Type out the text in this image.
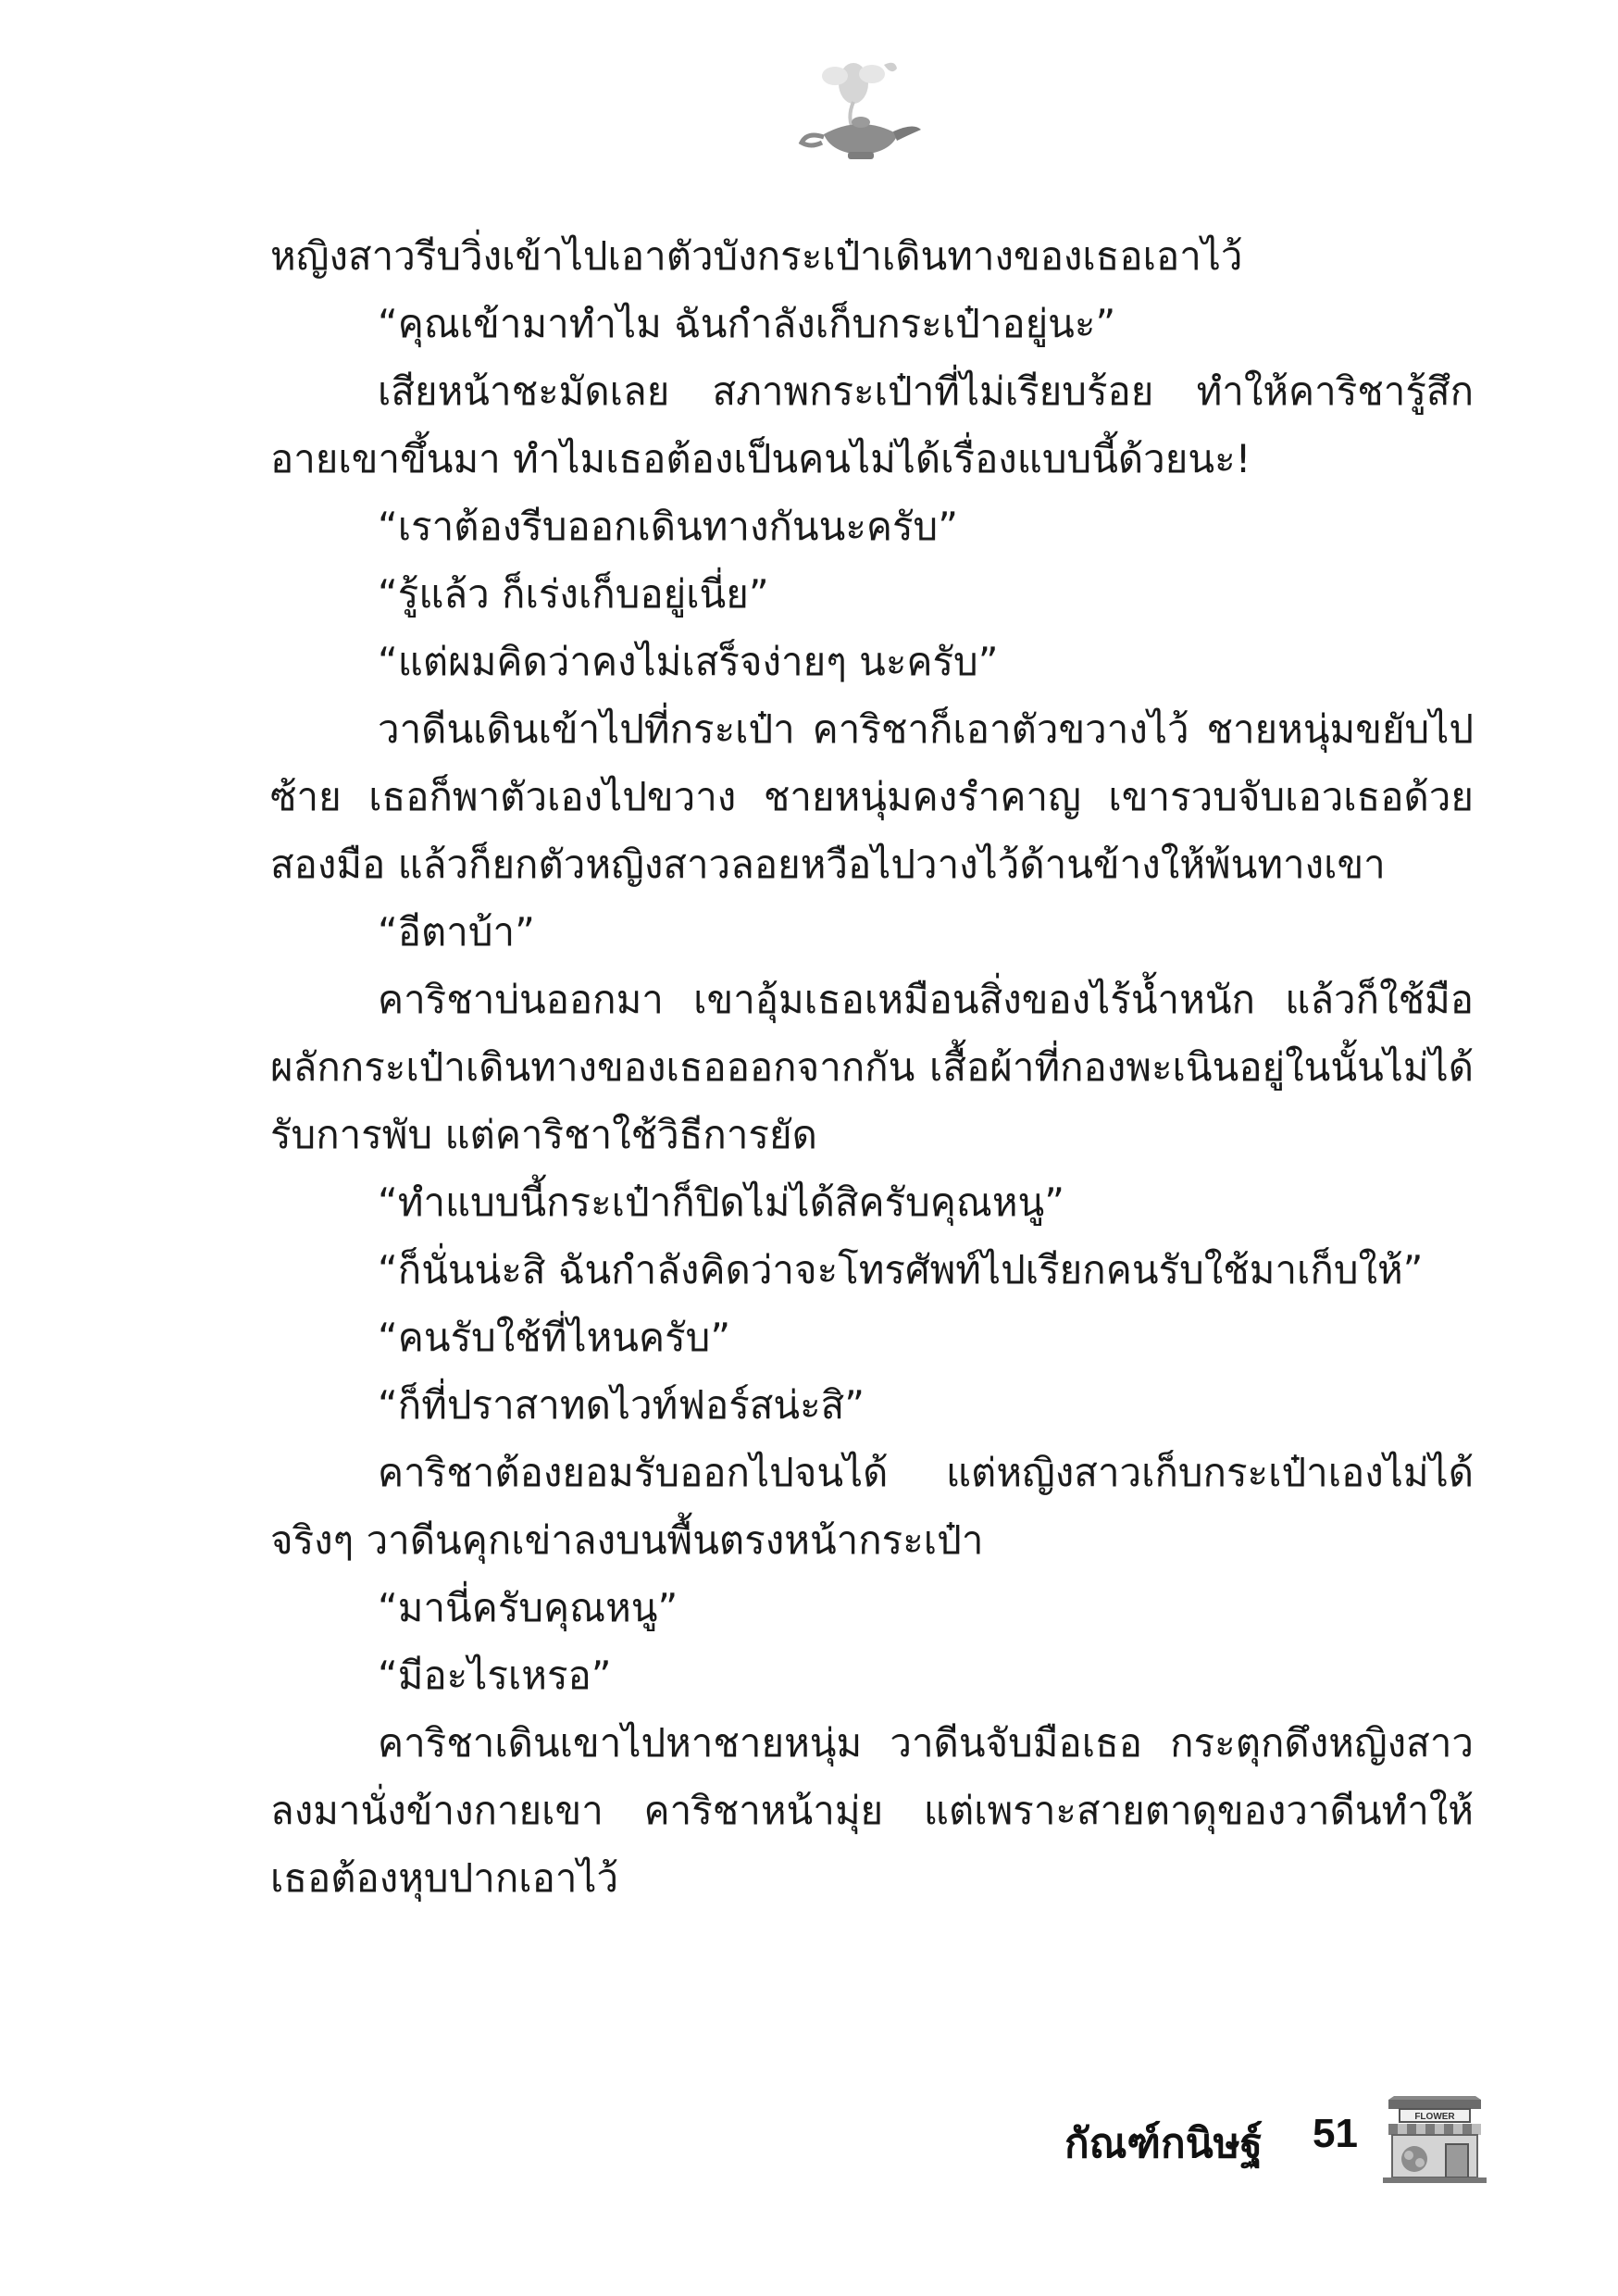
หญิงสาวรีบวิ่งเข้าไปเอาตัวบังกระเป๋าเดินทางของเธอเอาไว้

“คุณเข้ามาทำไม ฉันกำลังเก็บกระเป๋าอยู่นะ”

เสียหน้าชะมัดเลย สภาพกระเป๋าที่ไม่เรียบร้อย ทำให้คาริชารู้สึกอายเขาขึ้นมา ทำไมเธอต้องเป็นคนไม่ได้เรื่องแบบนี้ด้วยนะ!

“เราต้องรีบออกเดินทางกันนะครับ”

“รู้แล้ว ก็เร่งเก็บอยู่เนี่ย”

“แต่ผมคิดว่าคงไม่เสร็จง่ายๆ นะครับ”

วาดีนเดินเข้าไปที่กระเป๋า คาริชาก็เอาตัวขวางไว้ ชายหนุ่มขยับไปซ้าย เธอก็พาตัวเองไปขวาง ชายหนุ่มคงรำคาญ เขารวบจับเอวเธอด้วยสองมือ แล้วก็ยกตัวหญิงสาวลอยหวือไปวางไว้ด้านข้างให้พ้นทางเขา

“อีตาบ้า”

คาริชาบ่นออกมา เขาอุ้มเธอเหมือนสิ่งของไร้น้ำหนัก แล้วก็ใช้มือผลักกระเป๋าเดินทางของเธอออกจากกัน เสื้อผ้าที่กองพะเนินอยู่ในนั้นไม่ได้รับการพับ แต่คาริชาใช้วิธีการยัด

“ทำแบบนี้กระเป๋าก็ปิดไม่ได้สิครับคุณหนู”

“ก็นั่นน่ะสิ ฉันกำลังคิดว่าจะโทรศัพท์ไปเรียกคนรับใช้มาเก็บให้”

“คนรับใช้ที่ไหนครับ”

“ก็ที่ปราสาทดไวท์ฟอร์สน่ะสิ”

คาริชาต้องยอมรับออกไปจนได้ แต่หญิงสาวเก็บกระเป๋าเองไม่ได้จริงๆ วาดีนคุกเข่าลงบนพื้นตรงหน้ากระเป๋า

“มานี่ครับคุณหนู”

“มีอะไรเหรอ”

คาริชาเดินเขาไปหาชายหนุ่ม วาดีนจับมือเธอ กระตุกดึงหญิงสาวลงมานั่งข้างกายเขา คาริชาหน้ามุ่ย แต่เพราะสายตาดุของวาดีนทำให้เธอต้องหุบปากเอาไว้

กัณฑ์กนิษฐ์ 51	FLOWER
